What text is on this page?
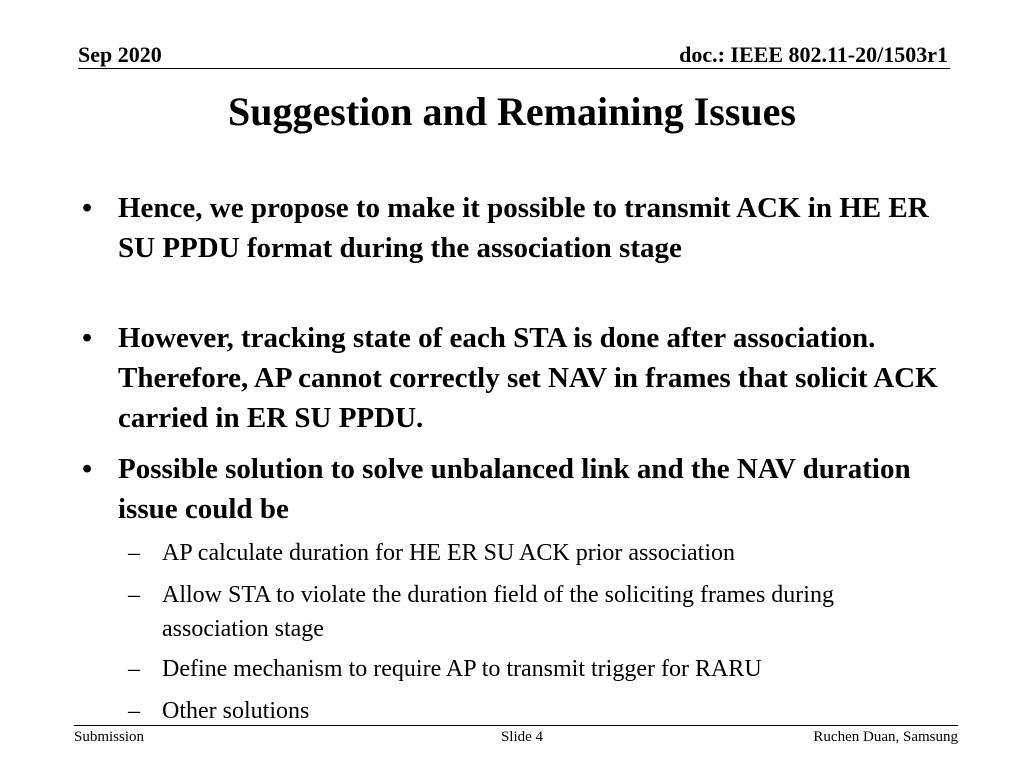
Sep 2020	doc.: IEEE 802.11-20/1503r1
Suggestion and Remaining Issues
• Hence, we propose to make it possible to transmit ACK in HE ER SU PPDU format during the association stage
• However, tracking state of each STA is done after association. Therefore, AP cannot correctly set NAV in frames that solicit ACK carried in ER SU PPDU.
• Possible solution to solve unbalanced link and the NAV duration issue could be
– AP calculate duration for HE ER SU ACK prior association
– Allow STA to violate the duration field of the soliciting frames during association stage
– Define mechanism to require AP to transmit trigger for RARU
– Other solutions
Submission	Slide 4	Ruchen Duan, Samsung
